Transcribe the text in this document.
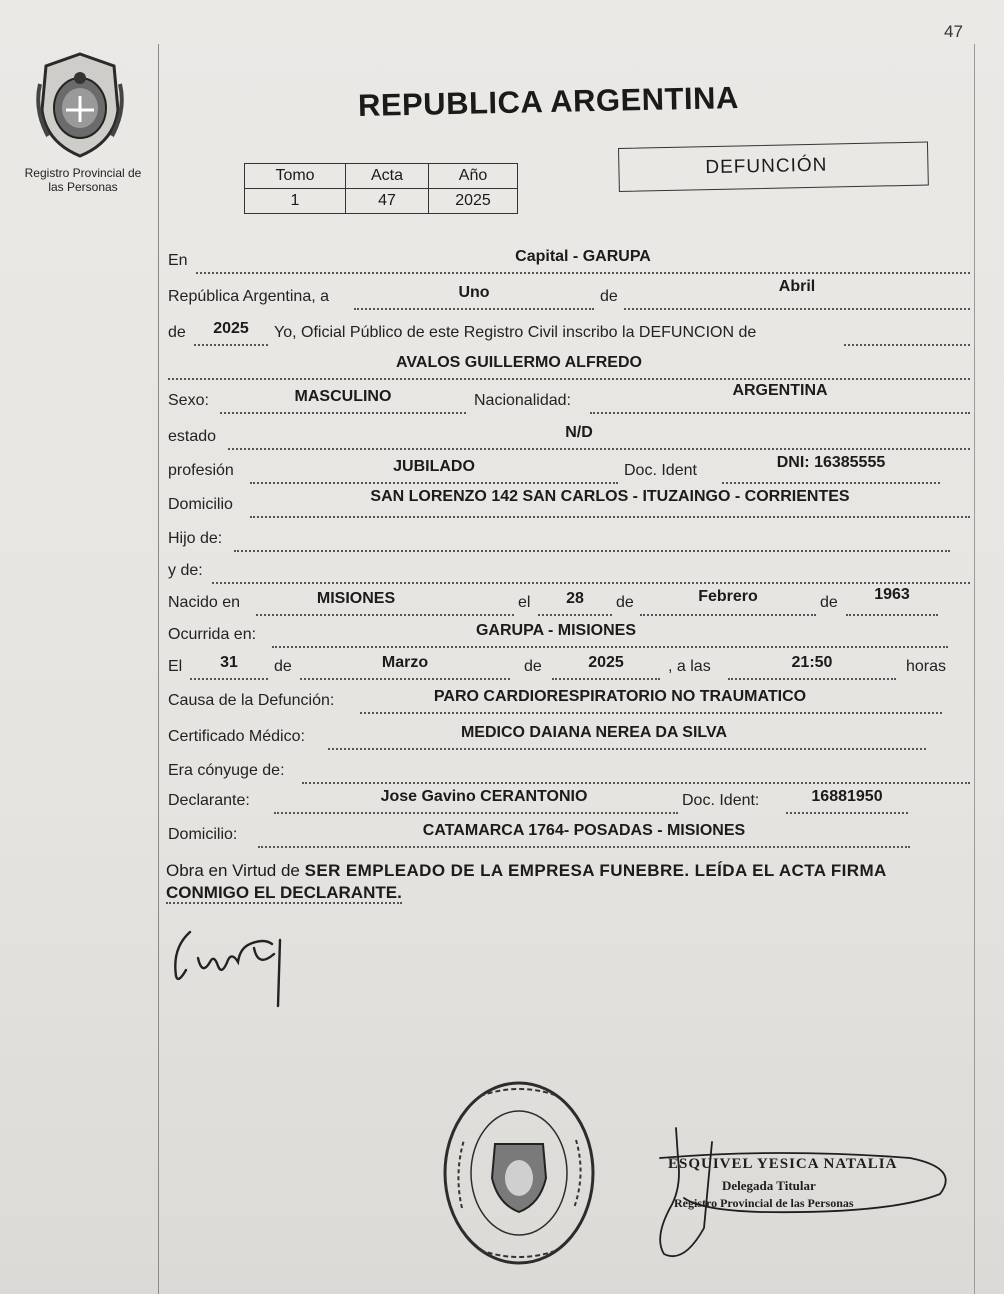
47
Registro Provincial de
las Personas
REPUBLICA ARGENTINA
Tomo	Acta	Año
1	47	2025
DEFUNCIÓN
En	Capital - GARUPA
República Argentina, a	Uno	de
Abril
de	2025	Yo, Oficial Público de este Registro Civil inscribo la DEFUNCION de
AVALOS GUILLERMO ALFREDO
Sexo:	MASCULINO	Nacionalidad:
ARGENTINA
estado	N/D
profesión	JUBILADO	Doc. Ident	DNI: 16385555
Domicilio	SAN LORENZO 142 SAN CARLOS - ITUZAINGO - CORRIENTES
Hijo de:
y de:
Nacido en	MISIONES	el	28	de	Febrero	de	1963
Ocurrida en:	GARUPA - MISIONES
El	31	de	Marzo	de	2025	, a las	21:50	horas
Causa de la Defunción:	PARO CARDIORESPIRATORIO NO TRAUMATICO
Certificado Médico:	MEDICO DAIANA NEREA DA SILVA
Era cónyuge de:
Declarante:	Jose Gavino CERANTONIO	Doc. Ident:	16881950
Domicilio:	CATAMARCA 1764- POSADAS - MISIONES
Obra en Virtud de SER EMPLEADO DE LA EMPRESA FUNEBRE. LEÍDA EL ACTA FIRMA
CONMIGO EL DECLARANTE.
ESQUIVEL YESICA NATALIA
Delegada Titular
Registro Provincial de las Personas
